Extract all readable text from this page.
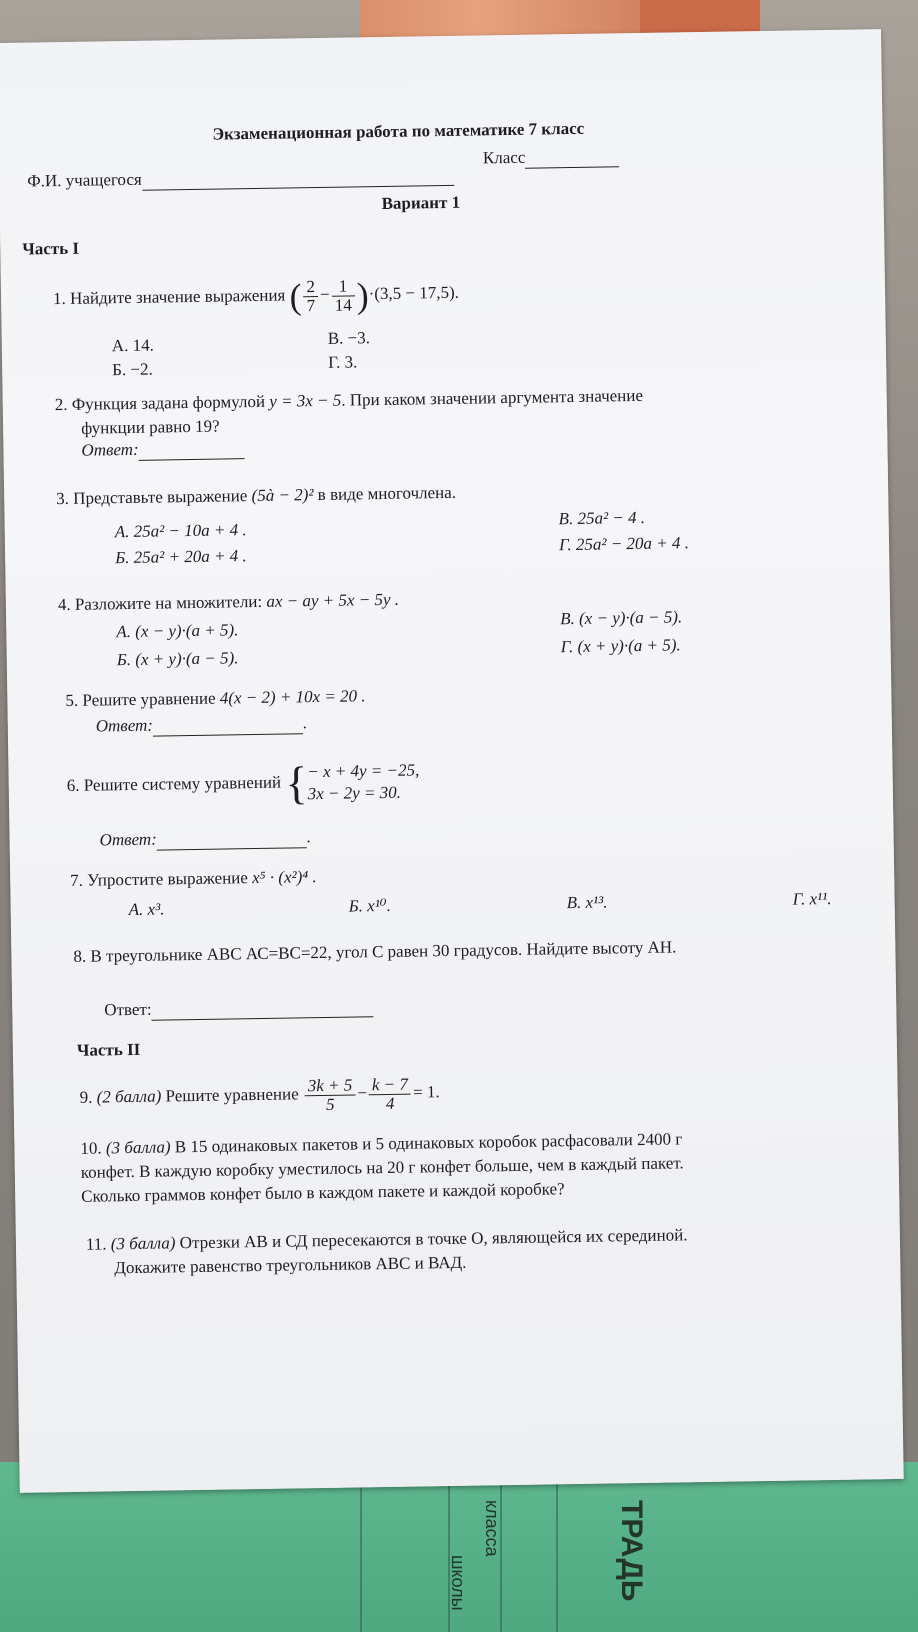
школы
класса	ТРАДЬ
Экзаменационная работа по математике 7 класс
Ф.И. учащегося
Класс
Вариант 1
Часть I
1. Найдите значение выражения ( $\frac{2}{7} - \frac{1}{14} )\cdot(3,5 - 17,5)$.
А. 14.
Б. −2.
В. −3.
Г. 3.
2. Функция задана формулой y = 3x − 5. При каком значении аргумента значение
функции равно 19?
Ответ:
3. Представьте выражение (5à − 2)² в виде многочлена.
А. 25a² − 10a + 4 .
Б. 25a² + 20a + 4 .
В. 25a² − 4 .
Г. 25a² − 20a + 4 .
4. Разложите на множители: ax − ay + 5x − 5y .
А. (x − y)·(a + 5).
Б. (x + y)·(a − 5).
В. (x − y)·(a − 5).
Г. (x + y)·(a + 5).
5. Решите уравнение 4(x − 2) + 10x = 20 .
Ответ:	.
6. Решите систему уравнений { − x + 4y = −25,
3x − 2y = 30.
Ответ:	.
7. Упростите выражение x⁵ · (x²)⁴ .
А. x³.	Б. x¹⁰.	В. x¹³.	Г. x¹¹.
8. В треугольнике АВС АС=ВС=22, угол С равен 30 градусов. Найдите высоту АН.
Ответ:
Часть II
9. (2 балла) Решите уравнение $\frac{3k + 5}{5} - \frac{k - 7}{4} = 1$.
10. (3 балла) В 15 одинаковых пакетов и 5 одинаковых коробок расфасовали 2400 г
конфет. В каждую коробку уместилось на 20 г конфет больше, чем в каждый пакет.
Сколько граммов конфет было в каждом пакете и каждой коробке?
11. (3 балла) Отрезки АВ и СД пересекаются в точке О, являющейся их серединой.
Докажите равенство треугольников АВС и ВАД.
